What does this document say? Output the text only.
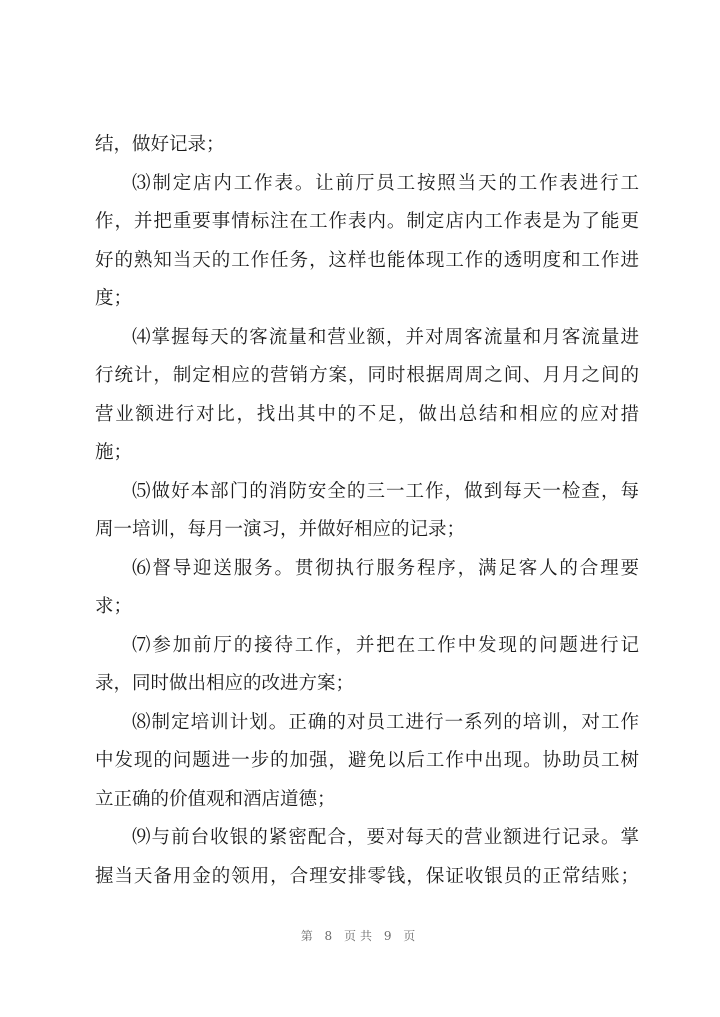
结，做好记录；
⑶制定店内工作表。让前厅员工按照当天的工作表进行工
作，并把重要事情标注在工作表内。制定店内工作表是为了能更
好的熟知当天的工作任务，这样也能体现工作的透明度和工作进
度；
⑷掌握每天的客流量和营业额，并对周客流量和月客流量进
行统计，制定相应的营销方案，同时根据周周之间、月月之间的
营业额进行对比，找出其中的不足，做出总结和相应的应对措
施；
⑸做好本部门的消防安全的三一工作，做到每天一检查，每
周一培训，每月一演习，并做好相应的记录；
⑹督导迎送服务。贯彻执行服务程序，满足客人的合理要
求；
⑺参加前厅的接待工作，并把在工作中发现的问题进行记
录，同时做出相应的改进方案；
⑻制定培训计划。正确的对员工进行一系列的培训，对工作
中发现的问题进一步的加强，避免以后工作中出现。协助员工树
立正确的价值观和酒店道德；
⑼与前台收银的紧密配合，要对每天的营业额进行记录。掌
握当天备用金的领用，合理安排零钱，保证收银员的正常结账；
第 8 页共 9 页
